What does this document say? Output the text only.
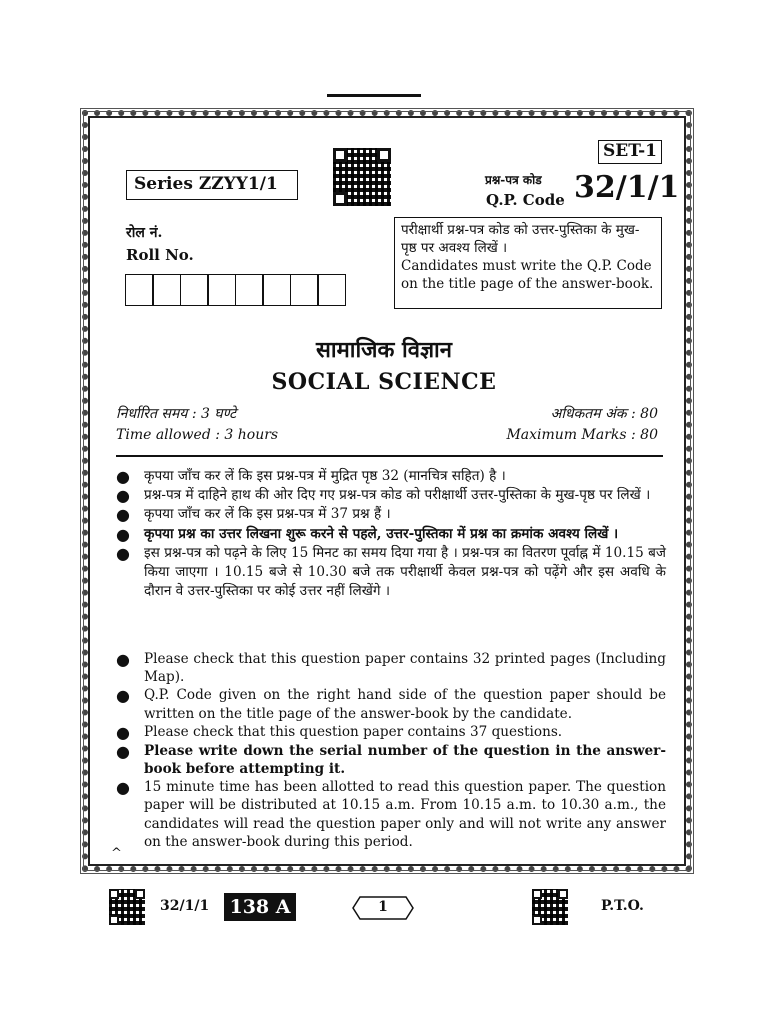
SET-1
Series ZZYY1/1	प्रश्न-पत्र कोड
Q.P. Code 32/1/1
रोल नं.
Roll No.
परीक्षार्थी प्रश्न-पत्र कोड को उत्तर-पुस्तिका के मुख-पृष्ठ पर अवश्य लिखें ।
Candidates must write the Q.P. Code on the title page of the answer-book.
सामाजिक विज्ञान
SOCIAL SCIENCE
निर्धारित समय : 3 घण्टे	अधिकतम अंक : 80
Time allowed : 3 hours	Maximum Marks : 80
●	कृपया जाँच कर लें कि इस प्रश्न-पत्र में मुद्रित पृष्ठ 32 (मानचित्र सहित) है ।
●	प्रश्न-पत्र में दाहिने हाथ की ओर दिए गए प्रश्न-पत्र कोड को परीक्षार्थी उत्तर-पुस्तिका के मुख-पृष्ठ पर लिखें ।
●	कृपया जाँच कर लें कि इस प्रश्न-पत्र में 37 प्रश्न हैं ।
●	कृपया प्रश्न का उत्तर लिखना शुरू करने से पहले, उत्तर-पुस्तिका में प्रश्न का क्रमांक अवश्य लिखें ।
●	इस प्रश्न-पत्र को पढ़ने के लिए 15 मिनट का समय दिया गया है । प्रश्न-पत्र का वितरण पूर्वाह्न में 10.15 बजे किया जाएगा । 10.15 बजे से 10.30 बजे तक परीक्षार्थी केवल प्रश्न-पत्र को पढ़ेंगे और इस अवधि के दौरान वे उत्तर-पुस्तिका पर कोई उत्तर नहीं लिखेंगे ।
●	Please check that this question paper contains 32 printed pages (Including Map).
●	Q.P. Code given on the right hand side of the question paper should be written on the title page of the answer-book by the candidate.
●	Please check that this question paper contains 37 questions.
●	Please write down the serial number of the question in the answer-book before attempting it.
●	15 minute time has been allotted to read this question paper. The question paper will be distributed at 10.15 a.m. From 10.15 a.m. to 10.30 a.m., the candidates will read the question paper only and will not write any answer on the answer-book during this period.
^
32/1/1 138 A	1	P.T.O.
